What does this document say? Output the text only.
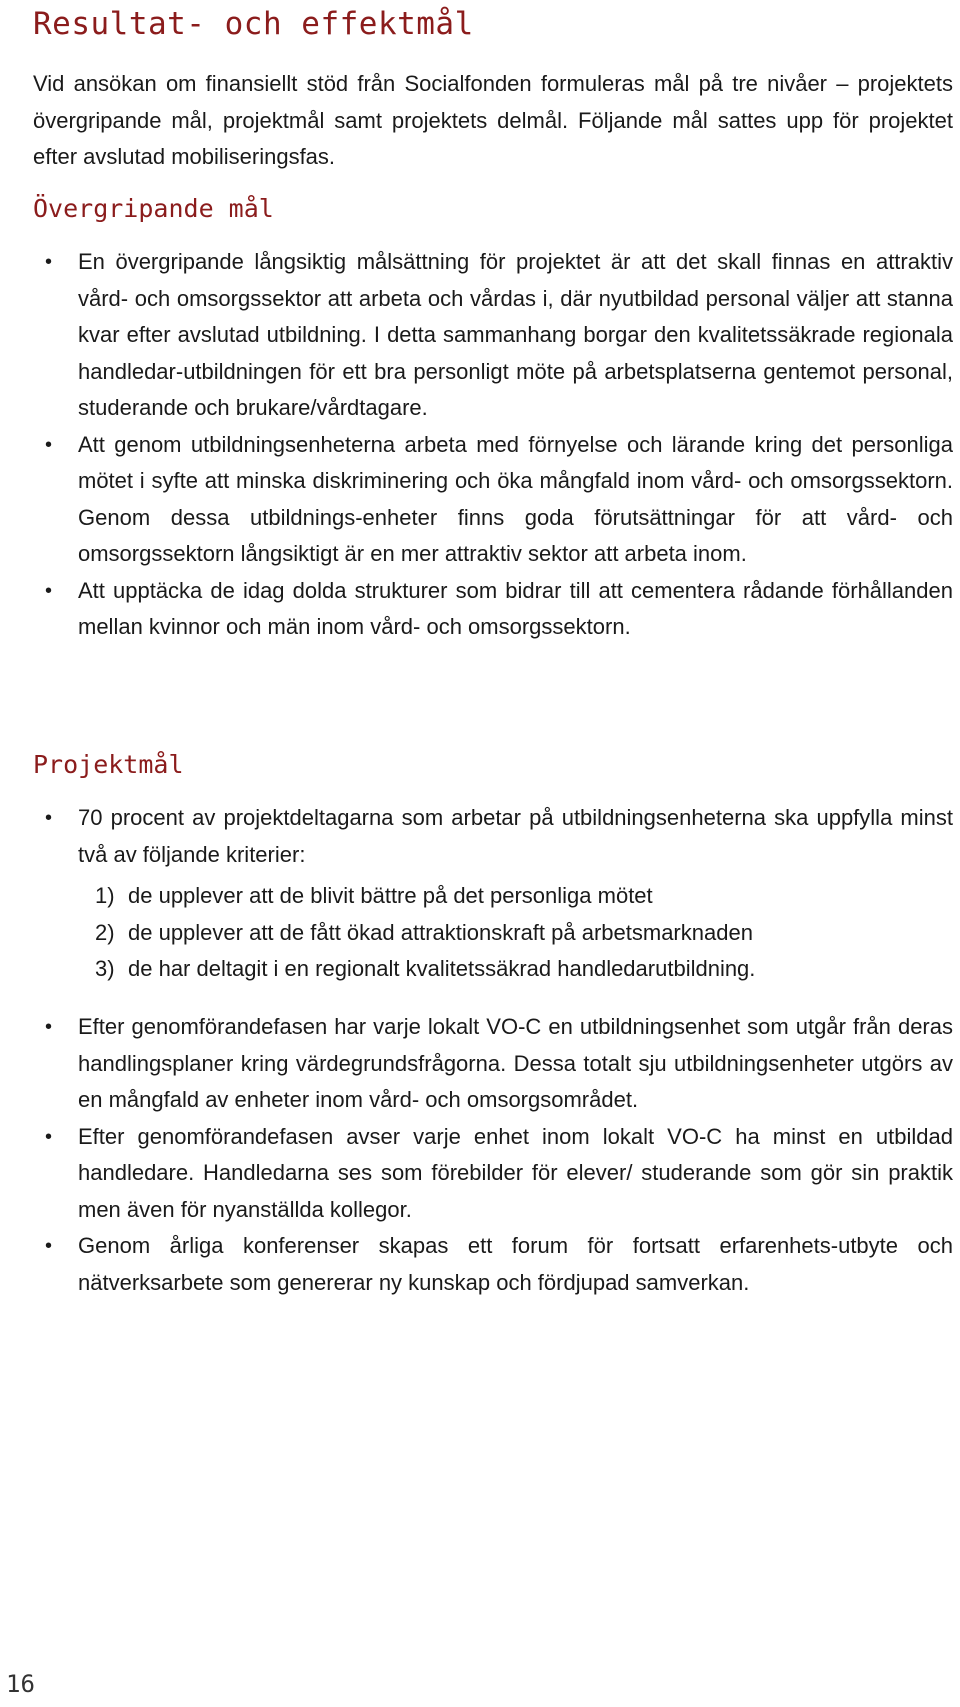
Resultat- och effektmål

Vid ansökan om finansiellt stöd från Socialfonden formuleras mål på tre nivåer – projektets övergripande mål, projektmål samt projektets delmål. Följande mål sattes upp för projektet efter avslutad mobiliseringsfas.

Övergripande mål
• En övergripande långsiktig målsättning för projektet är att det skall finnas en attraktiv vård- och omsorgssektor att arbeta och vårdas i, där nyutbildad personal väljer att stanna kvar efter avslutad utbildning. I detta sammanhang borgar den kvalitetssäkrade regionala handledar-utbildningen för ett bra personligt möte på arbetsplatserna gentemot personal, studerande och brukare/vårdtagare.
• Att genom utbildningsenheterna arbeta med förnyelse och lärande kring det personliga mötet i syfte att minska diskriminering och öka mångfald inom vård- och omsorgssektorn. Genom dessa utbildnings-enheter finns goda förutsättningar för att vård- och omsorgssektorn långsiktigt är en mer attraktiv sektor att arbeta inom.
• Att upptäcka de idag dolda strukturer som bidrar till att cementera rådande förhållanden mellan kvinnor och män inom vård- och omsorgssektorn.
Projektmål
• 70 procent av projektdeltagarna som arbetar på utbildningsenheterna ska uppfylla minst två av följande kriterier:
1) de upplever att de blivit bättre på det personliga mötet
2) de upplever att de fått ökad attraktionskraft på arbetsmarknaden
3) de har deltagit i en regionalt kvalitetssäkrad handledarutbildning.
• Efter genomförandefasen har varje lokalt VO-C en utbildningsenhet som utgår från deras handlingsplaner kring värdegrundsfrågorna. Dessa totalt sju utbildningsenheter utgörs av en mångfald av enheter inom vård- och omsorgsområdet.
• Efter genomförandefasen avser varje enhet inom lokalt VO-C ha minst en utbildad handledare. Handledarna ses som förebilder för elever/ studerande som gör sin praktik men även för nyanställda kollegor.
• Genom årliga konferenser skapas ett forum för fortsatt erfarenhets-utbyte och nätverksarbete som genererar ny kunskap och fördjupad samverkan.
16
